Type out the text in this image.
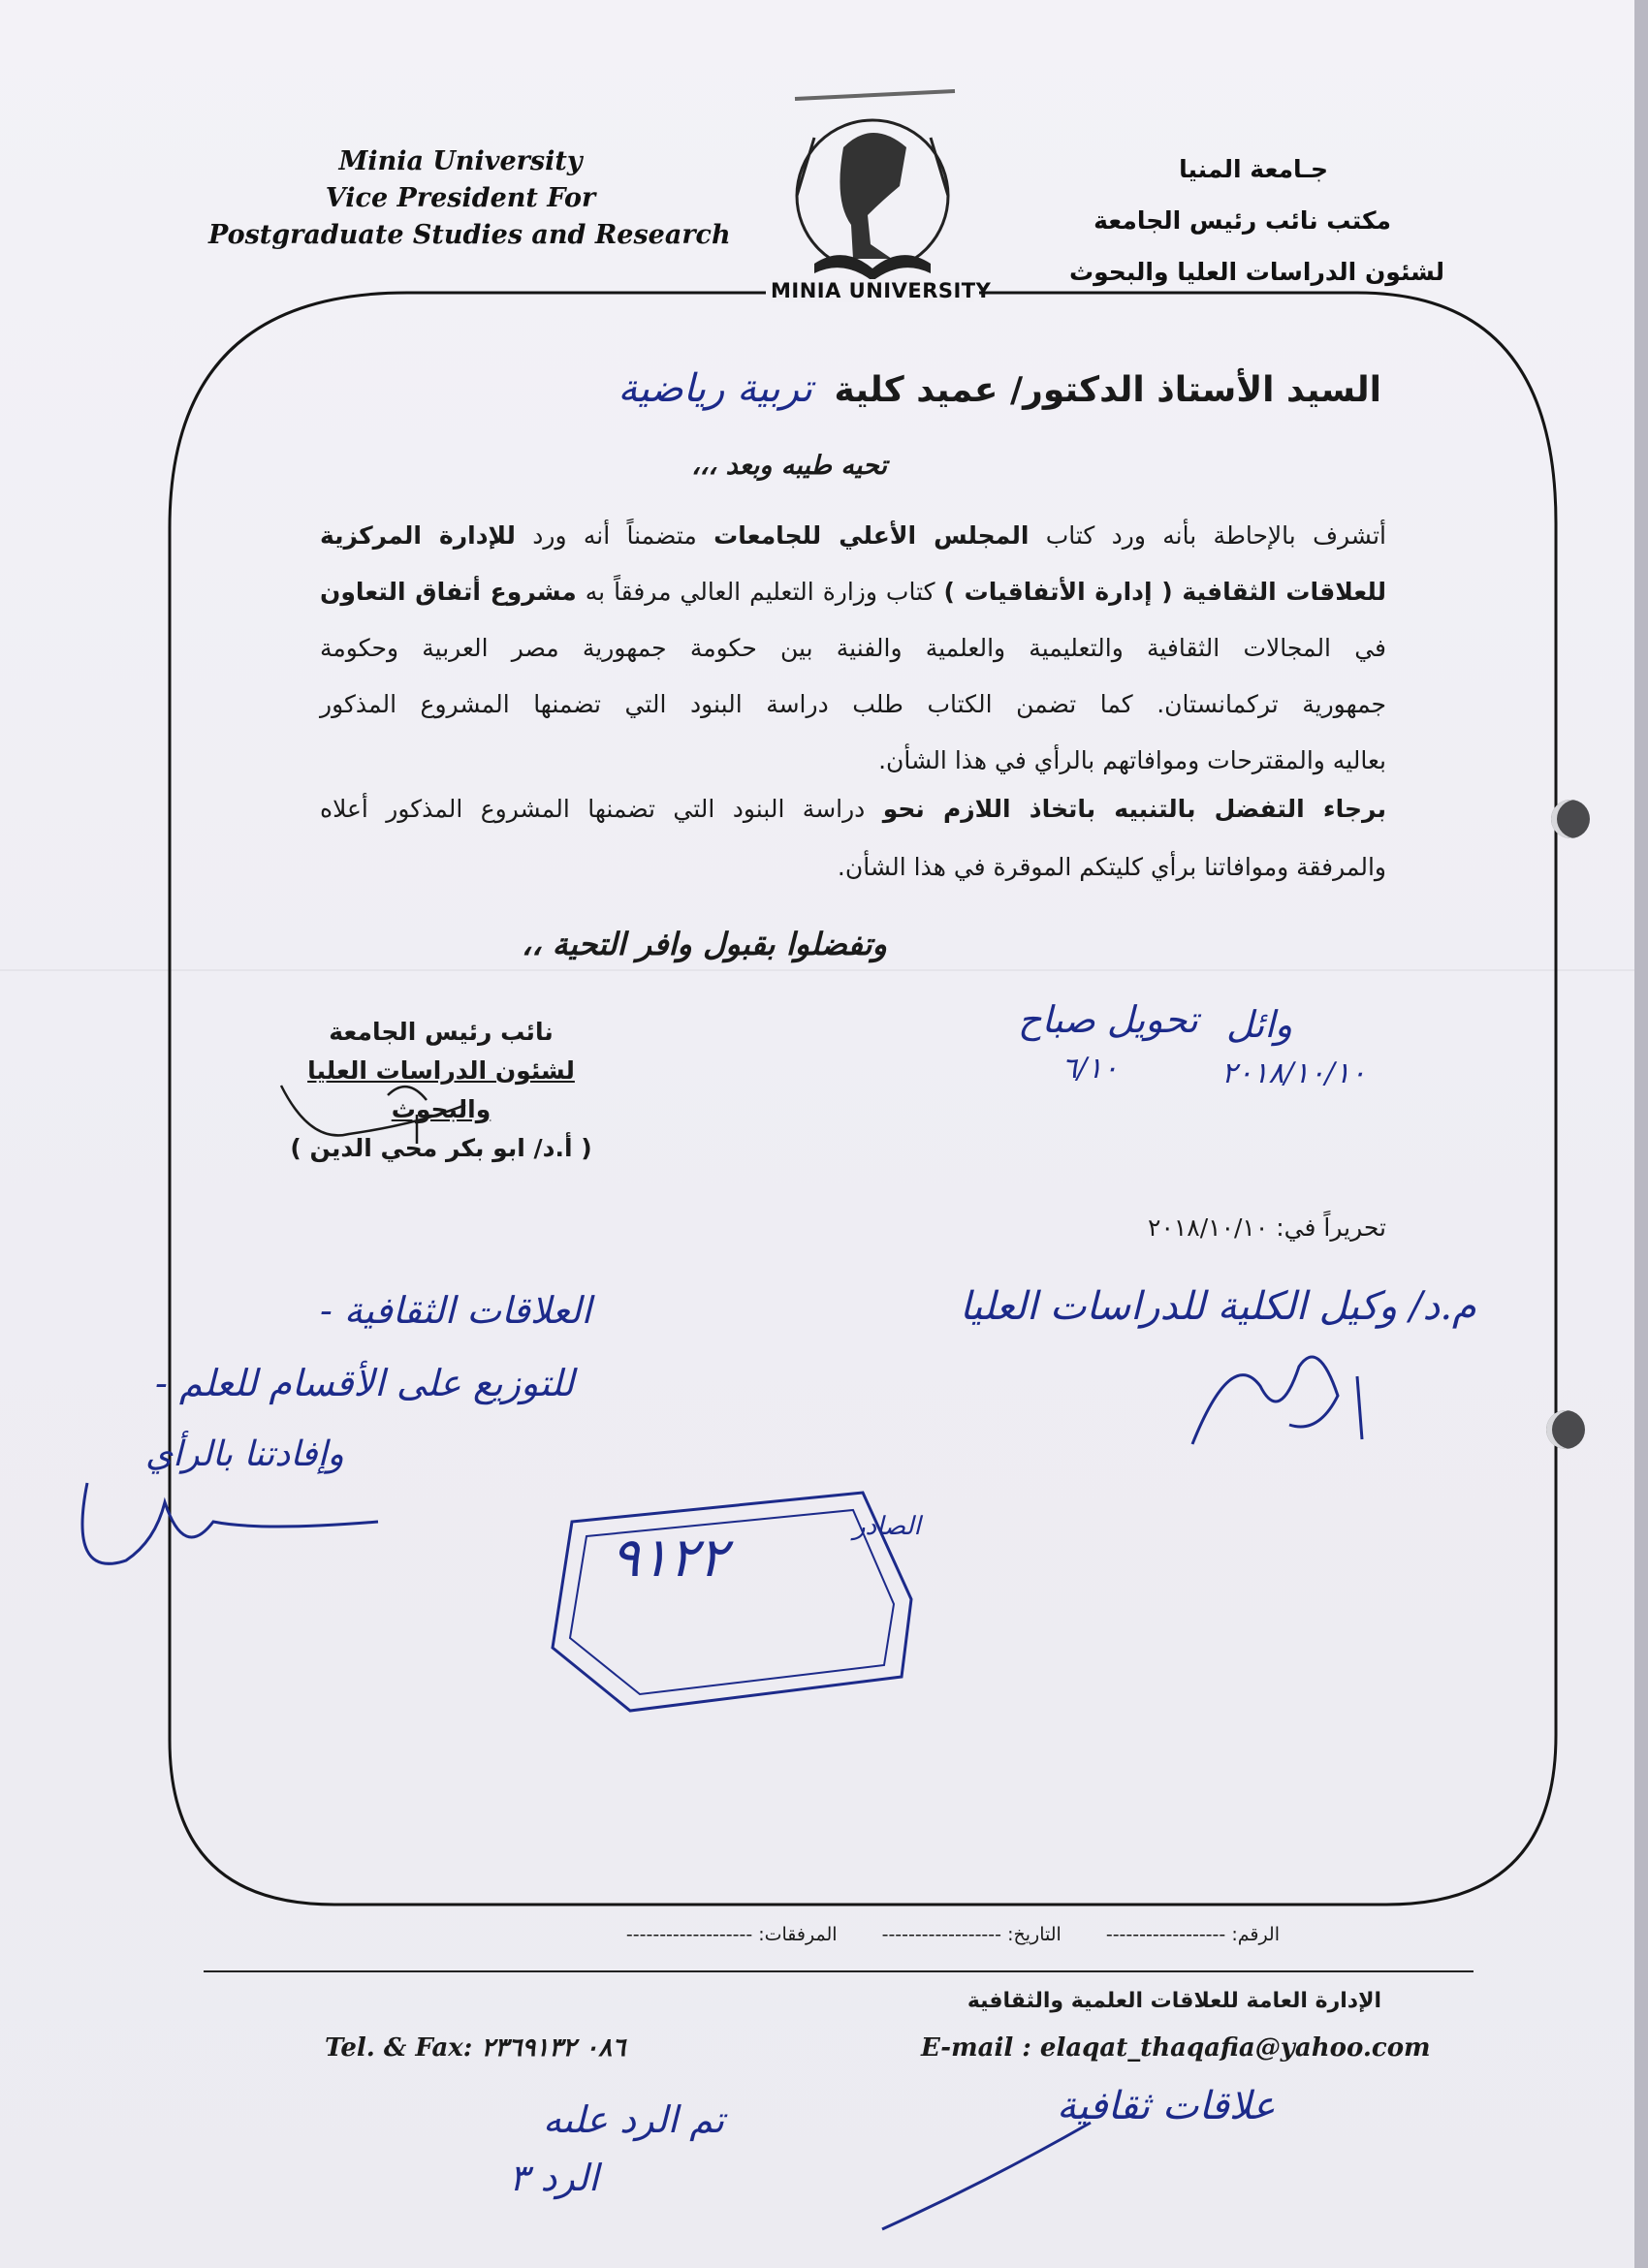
MINIA UNIVERSITY
Minia University
Vice President For
Postgraduate Studies and Research
جـامعة المنيا
مكتب نائب رئيس الجامعة
لشئون الدراسات العليا والبحوث
السيد الأستاذ الدكتور/ عميد كلية تربية رياضية
تحيه طيبه وبعد ،،،
أتشرف بالإحاطة بأنه ورد كتاب المجلس الأعلي للجامعات متضمناً أنه ورد للإدارة المركزية
للعلاقات الثقافية ( إدارة الأتفاقيات ) كتاب وزارة التعليم العالي مرفقاً به مشروع أتفاق التعاون
في المجالات الثقافية والتعليمية والعلمية والفنية بين حكومة جمهورية مصر العربية وحكومة
جمهورية تركمانستان. كما تضمن الكتاب طلب دراسة البنود التي تضمنها المشروع المذكور
بعاليه والمقترحات وموافاتهم بالرأي في هذا الشأن.
برجاء التفضل بالتنبيه باتخاذ اللازم نحو دراسة البنود التي تضمنها المشروع المذكور أعلاه
والمرفقة وموافاتنا برأي كليتكم الموقرة في هذا الشأن.
وتفضلوا بقبول وافر التحية ،،
نائب رئيس الجامعة
لشئون الدراسات العليا والبحوث
( أ.د/ ابو بكر محي الدين )
وائل
٢٠١٨/١٠/١٠
تحويل صباح
٦/١٠
تحريراً في: ٢٠١٨/١٠/١٠
م.د/ وكيل الكلية للدراسات العليا
- العلاقات الثقافية
- للتوزيع على الأقسام للعلم
وإفادتنا بالرأي
٩١٢٢	الصادر
الرقم: ------------------ التاريخ: ------------------ المرفقات: -------------------
الإدارة العامة للعلاقات العلمية والثقافية
E-mail : elaqat_thaqafia@yahoo.com
Tel. & Fax: ٠٨٦ ٢٣٦٩١٣٢
علاقات ثقافية
تم الرد علىه
الرد ٣
